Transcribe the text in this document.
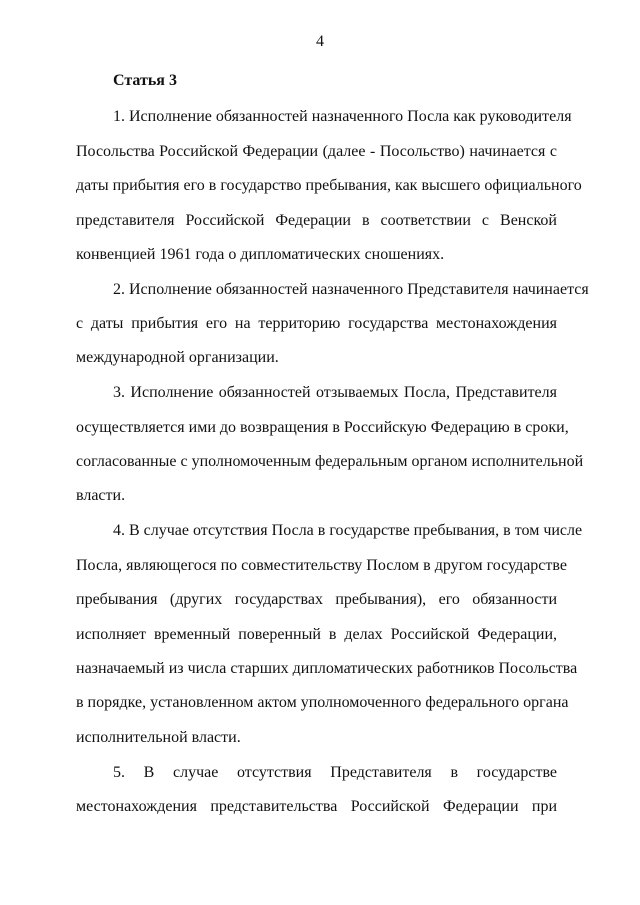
4
Статья 3
1. Исполнение обязанностей назначенного Посла как руководителя
Посольства Российской Федерации (далее - Посольство) начинается с
даты прибытия его в государство пребывания, как высшего официального
представителя Российской Федерации в соответствии с Венской
конвенцией 1961 года о дипломатических сношениях.
2. Исполнение обязанностей назначенного Представителя начинается
с даты прибытия его на территорию государства местонахождения
международной организации.
3. Исполнение обязанностей отзываемых Посла, Представителя
осуществляется ими до возвращения в Российскую Федерацию в сроки,
согласованные с уполномоченным федеральным органом исполнительной
власти.
4. В случае отсутствия Посла в государстве пребывания, в том числе
Посла, являющегося по совместительству Послом в другом государстве
пребывания (других государствах пребывания), его обязанности
исполняет временный поверенный в делах Российской Федерации,
назначаемый из числа старших дипломатических работников Посольства
в порядке, установленном актом уполномоченного федерального органа
исполнительной власти.
5. В случае отсутствия Представителя в государстве
местонахождения представительства Российской Федерации при
